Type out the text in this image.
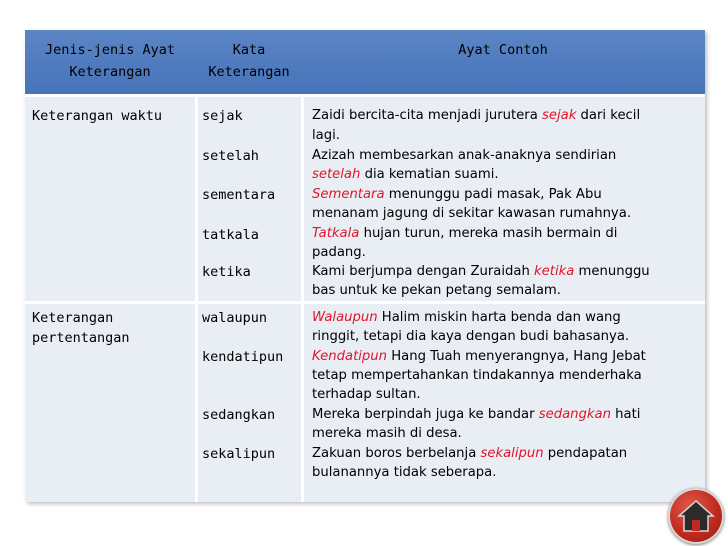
Jenis-jenis Ayat
Keterangan
Kata
Keterangan
Ayat Contoh
Keterangan waktu	sejak
setelah
sementara
tatkala
ketika
Zaidi bercita-cita menjadi jurutera sejak dari kecil
lagi.
Azizah membesarkan anak-anaknya sendirian
setelah dia kematian suami.
Sementara menunggu padi masak, Pak Abu
menanam jagung di sekitar kawasan rumahnya.
Tatkala hujan turun, mereka masih bermain di
padang.
Kami berjumpa dengan Zuraidah ketika menunggu
bas untuk ke pekan petang semalam.
Keterangan
pertentangan
walaupun
kendatipun
sedangkan
sekalipun
Walaupun Halim miskin harta benda dan wang
ringgit, tetapi dia kaya dengan budi bahasanya.
Kendatipun Hang Tuah menyerangnya, Hang Jebat
tetap mempertahankan tindakannya menderhaka
terhadap sultan.
Mereka berpindah juga ke bandar sedangkan hati
mereka masih di desa.
Zakuan boros berbelanja sekalipun pendapatan
bulanannya tidak seberapa.
